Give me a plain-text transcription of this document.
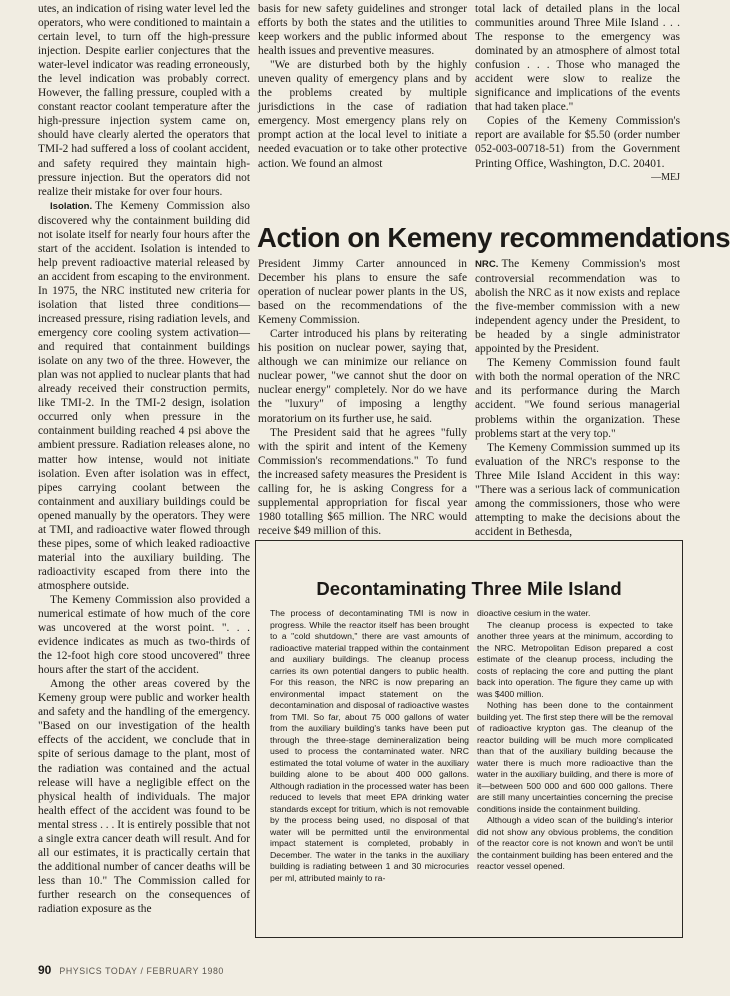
utes, an indication of rising water level led the operators, who were conditioned to maintain a certain level, to turn off the high-pressure injection. Despite earlier conjectures that the water-level indicator was reading erroneously, the level indication was probably correct. However, the falling pressure, coupled with a constant reactor coolant temperature after the high-pressure injection system came on, should have clearly alerted the operators that TMI-2 had suffered a loss of coolant accident, and safety required they maintain high-pressure injection. But the operators did not realize their mistake for over four hours.

Isolation. The Kemeny Commission also discovered why the containment building did not isolate itself for nearly four hours after the start of the accident. Isolation is intended to help prevent radioactive material released by an accident from escaping to the environment. In 1975, the NRC instituted new criteria for isolation that listed three conditions—increased pressure, rising radiation levels, and emergency core cooling system activation—and required that containment buildings isolate on any two of the three. However, the plan was not applied to nuclear plants that had already received their construction permits, like TMI-2. In the TMI-2 design, isolation occurred only when pressure in the containment building reached 4 psi above the ambient pressure. Radiation releases alone, no matter how intense, would not initiate isolation. Even after isolation was in effect, pipes carrying coolant between the containment and auxiliary buildings could be opened manually by the operators. They were at TMI, and radioactive water flowed through these pipes, some of which leaked radioactive material into the auxiliary building. The radioactivity escaped from there into the atmosphere outside.

The Kemeny Commission also provided a numerical estimate of how much of the core was uncovered at the worst point. ". . . evidence indicates as much as two-thirds of the 12-foot high core stood uncovered" three hours after the start of the accident.

Among the other areas covered by the Kemeny group were public and worker health and safety and the handling of the emergency. "Based on our investigation of the health effects of the accident, we conclude that in spite of serious damage to the plant, most of the radiation was contained and the actual release will have a negligible effect on the physical health of individuals. The major health effect of the accident was found to be mental stress . . . It is entirely possible that not a single extra cancer death will result. And for all our estimates, it is practically certain that the additional number of cancer deaths will be less than 10." The Commission called for further research on the consequences of radiation exposure as the

basis for new safety guidelines and stronger efforts by both the states and the utilities to keep workers and the public informed about health issues and preventive measures.

"We are disturbed both by the highly uneven quality of emergency plans and by the problems created by multiple jurisdictions in the case of radiation emergency. Most emergency plans rely on prompt action at the local level to initiate a needed evacuation or to take other protective action. We found an almost

total lack of detailed plans in the local communities around Three Mile Island . . . The response to the emergency was dominated by an atmosphere of almost total confusion . . . Those who managed the accident were slow to realize the significance and implications of the events that had taken place."

Copies of the Kemeny Commission's report are available for $5.50 (order number 052-003-00718-51) from the Government Printing Office, Washington, D.C. 20401.
—MEJ

Action on Kemeny recommendations

President Jimmy Carter announced in December his plans to ensure the safe operation of nuclear power plants in the US, based on the recommendations of the Kemeny Commission.

Carter introduced his plans by reiterating his position on nuclear power, saying that, although we can minimize our reliance on nuclear power, "we cannot shut the door on nuclear energy" completely. Nor do we have the "luxury" of imposing a lengthy moratorium on its further use, he said.

The President said that he agrees "fully with the spirit and intent of the Kemeny Commission's recommendations." To fund the increased safety measures the President is calling for, he is asking Congress for a supplemental appropriation for fiscal year 1980 totalling $65 million. The NRC would receive $49 million of this.

NRC. The Kemeny Commission's most controversial recommendation was to abolish the NRC as it now exists and replace the five-member commission with a new independent agency under the President, to be headed by a single administrator appointed by the President.

The Kemeny Commission found fault with both the normal operation of the NRC and its performance during the March accident. "We found serious managerial problems within the organization. These problems start at the very top."

The Kemeny Commission summed up its evaluation of the NRC's response to the Three Mile Island Accident in this way: "There was a serious lack of communication among the commissioners, those who were attempting to make the decisions about the accident in Bethesda,

Decontaminating Three Mile Island

The process of decontaminating TMI is now in progress. While the reactor itself has been brought to a "cold shutdown," there are vast amounts of radioactive material trapped within the containment and auxiliary buildings. The cleanup process carries its own potential dangers to public health. For this reason, the NRC is now preparing an environmental impact statement on the decontamination and disposal of radioactive wastes from TMI. So far, about 75 000 gallons of water from the auxiliary building's tanks have been put through the three-stage demineralization being used to process the contaminated water. NRC estimated the total volume of water in the auxiliary building alone to be about 400 000 gallons. Although radiation in the processed water has been reduced to levels that meet EPA drinking water standards except for tritium, which is not removable by the process being used, no disposal of that water will be permitted until the environmental impact statement is completed, probably in December. The water in the tanks in the auxiliary building is radiating between 1 and 30 microcuries per ml, attributed mainly to ra-

dioactive cesium in the water.

The cleanup process is expected to take another three years at the minimum, according to the NRC. Metropolitan Edison prepared a cost estimate of the cleanup process, including the costs of replacing the core and putting the plant back into operation. The figure they came up with was $400 million.

Nothing has been done to the containment building yet. The first step there will be the removal of radioactive krypton gas. The cleanup of the reactor building will be much more complicated than that of the auxiliary building because the water there is much more radioactive than the water in the auxiliary building, and there is more of it—between 500 000 and 600 000 gallons. There are still many uncertainties concerning the precise conditions inside the containment building.

Although a video scan of the building's interior did not show any obvious problems, the condition of the reactor core is not known and won't be until the containment building has been entered and the reactor vessel opened.

90 PHYSICS TODAY / FEBRUARY 1980
